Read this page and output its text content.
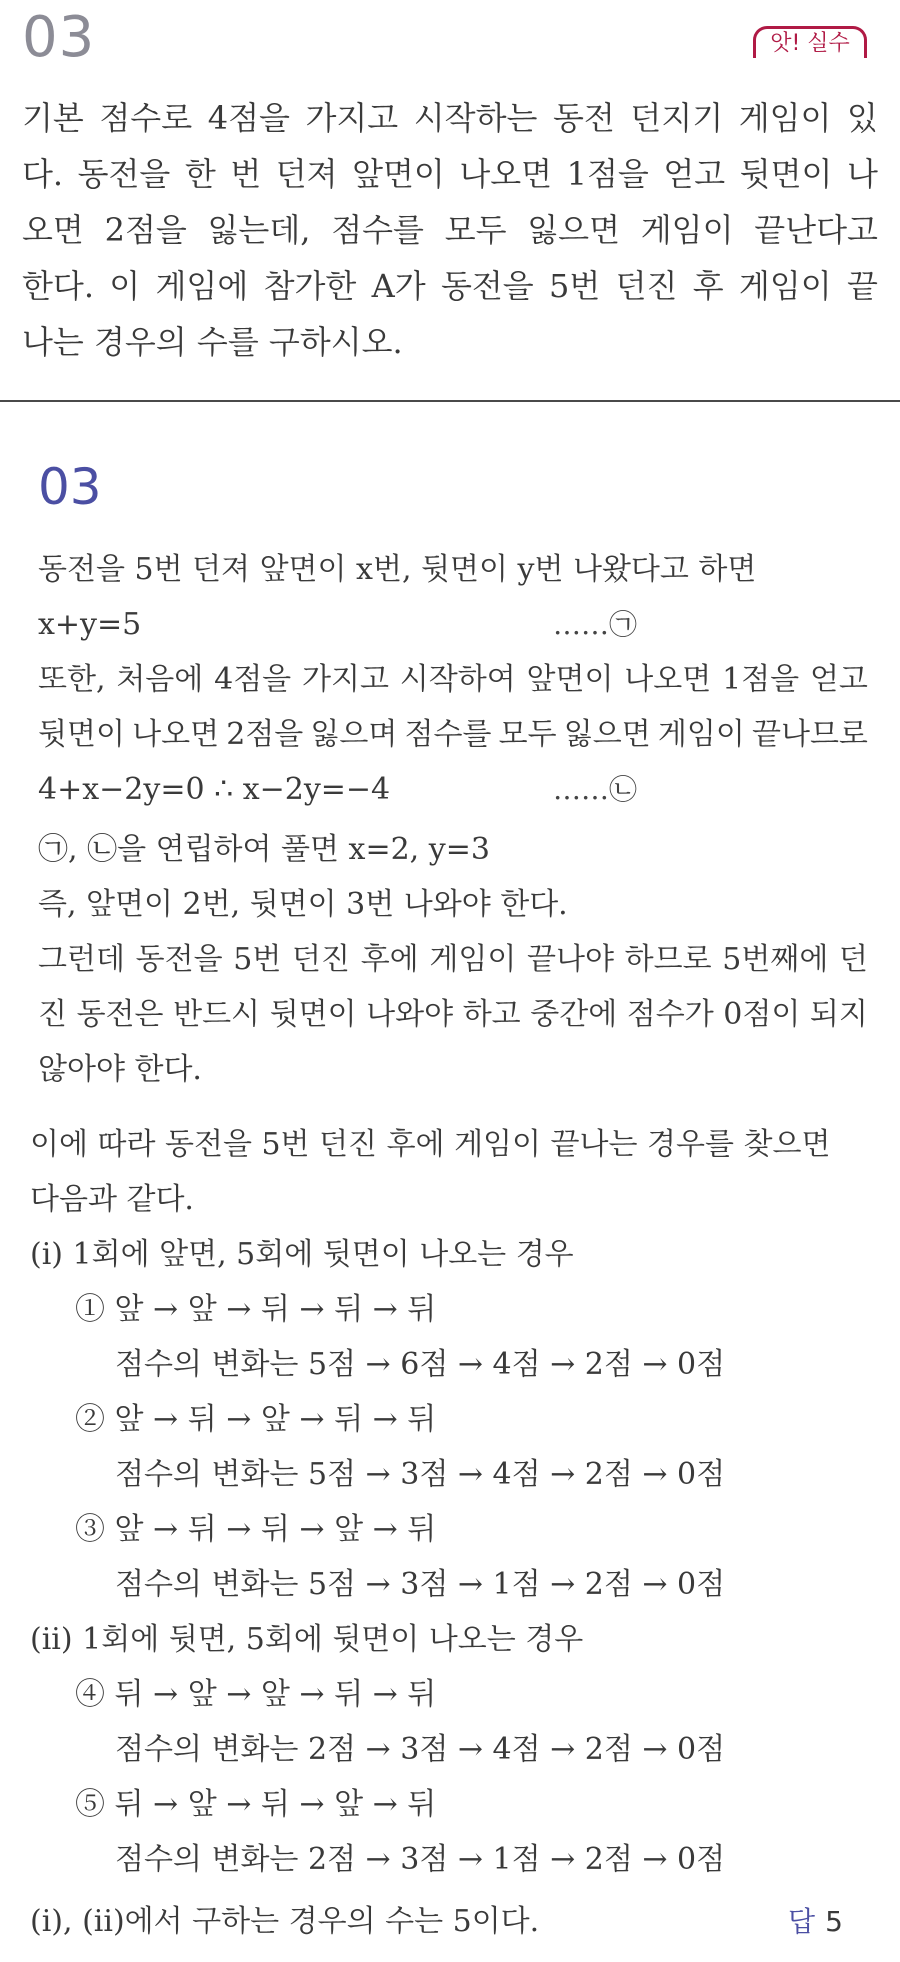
03	앗! 실수
기본 점수로 4점을 가지고 시작하는 동전 던지기 게임이 있
다. 동전을 한 번 던져 앞면이 나오면 1점을 얻고 뒷면이 나
오면 2점을 잃는데, 점수를 모두 잃으면 게임이 끝난다고
한다. 이 게임에 참가한 A가 동전을 5번 던진 후 게임이 끝
나는 경우의 수를 구하시오.
03
동전을 5번 던져 앞면이 x번, 뒷면이 y번 나왔다고 하면
x+y=5	……㉠
또한, 처음에 4점을 가지고 시작하여 앞면이 나오면 1점을 얻고
뒷면이 나오면 2점을 잃으며 점수를 모두 잃으면 게임이 끝나므로
4+x−2y=0 ∴ x−2y=−4	……㉡
㉠, ㉡을 연립하여 풀면 x=2, y=3
즉, 앞면이 2번, 뒷면이 3번 나와야 한다.
그런데 동전을 5번 던진 후에 게임이 끝나야 하므로 5번째에 던
진 동전은 반드시 뒷면이 나와야 하고 중간에 점수가 0점이 되지
않아야 한다.
이에 따라 동전을 5번 던진 후에 게임이 끝나는 경우를 찾으면
다음과 같다.
(i) 1회에 앞면, 5회에 뒷면이 나오는 경우
① 앞 → 앞 → 뒤 → 뒤 → 뒤
점수의 변화는 5점 → 6점 → 4점 → 2점 → 0점
② 앞 → 뒤 → 앞 → 뒤 → 뒤
점수의 변화는 5점 → 3점 → 4점 → 2점 → 0점
③ 앞 → 뒤 → 뒤 → 앞 → 뒤
점수의 변화는 5점 → 3점 → 1점 → 2점 → 0점
(ii) 1회에 뒷면, 5회에 뒷면이 나오는 경우
④ 뒤 → 앞 → 앞 → 뒤 → 뒤
점수의 변화는 2점 → 3점 → 4점 → 2점 → 0점
⑤ 뒤 → 앞 → 뒤 → 앞 → 뒤
점수의 변화는 2점 → 3점 → 1점 → 2점 → 0점
(i), (ii)에서 구하는 경우의 수는 5이다.	답 5
